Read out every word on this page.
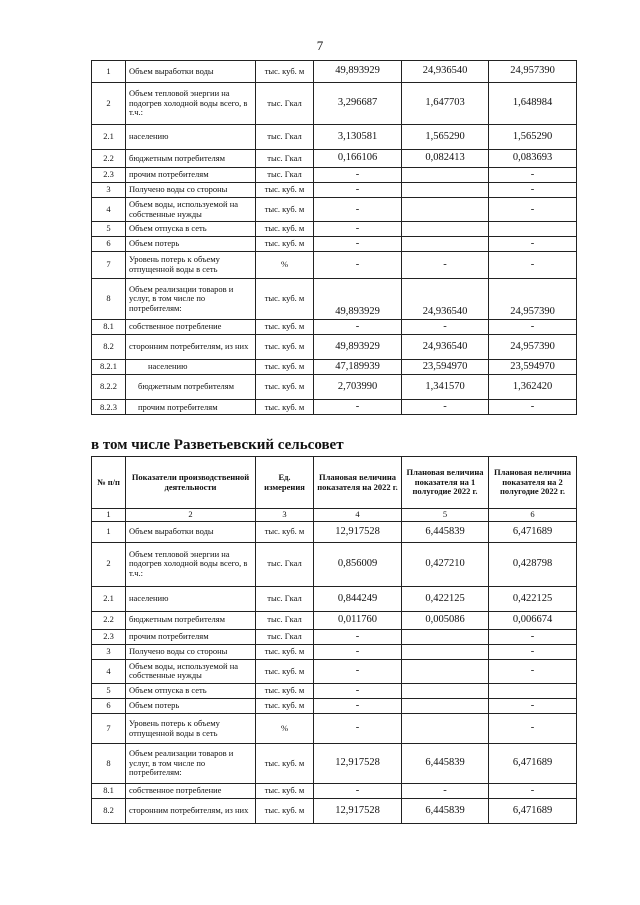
7
1	Объем выработки воды	тыс. куб. м	49,893929	24,936540	24,957390
2	Объем тепловой энергии на подогрев холодной воды всего, в т.ч.:	тыс. Гкал	3,296687	1,647703	1,648984
2.1	населению	тыс. Гкал	3,130581	1,565290	1,565290
2.2	бюджетным потребителям	тыс. Гкал	0,166106	0,082413	0,083693
2.3	прочим потребителям	тыс. Гкал	-		-
3	Получено воды со стороны	тыс. куб. м	-		-
4	Объем воды, используемой на собственные нужды	тыс. куб. м	-		-
5	Объем отпуска в сеть	тыс. куб. м	-		
6	Объем потерь	тыс. куб. м	-		-
7	Уровень потерь к объему отпущенной воды в сеть	%	-	-	-
8	Объем реализации товаров и услуг, в том числе по потребителям:	тыс. куб. м	49,893929	24,936540	24,957390
8.1	собственное потребление	тыс. куб. м	-	-	-
8.2	сторонним потребителям, из них	тыс. куб. м	49,893929	24,936540	24,957390
8.2.1	населению	тыс. куб. м	47,189939	23,594970	23,594970
8.2.2	бюджетным потребителям	тыс. куб. м	2,703990	1,341570	1,362420
8.2.3	прочим потребителям	тыс. куб. м	-	-	-
в том числе Разветьевский сельсовет
№ п/п	Показатели производственной деятельности	Ед. измерения	Плановая величина показателя на 2022 г.	Плановая величина показателя на 1 полугодие 2022 г.	Плановая величина показателя на 2 полугодие 2022 г.
1	2	3	4	5	6
1	Объем выработки воды	тыс. куб. м	12,917528	6,445839	6,471689
2	Объем тепловой энергии на подогрев холодной воды всего, в т.ч.:	тыс. Гкал	0,856009	0,427210	0,428798
2.1	населению	тыс. Гкал	0,844249	0,422125	0,422125
2.2	бюджетным потребителям	тыс. Гкал	0,011760	0,005086	0,006674
2.3	прочим потребителям	тыс. Гкал	-		-
3	Получено воды со стороны	тыс. куб. м	-		-
4	Объем воды, используемой на собственные нужды	тыс. куб. м	-		-
5	Объем отпуска в сеть	тыс. куб. м	-		
6	Объем потерь	тыс. куб. м	-		-
7	Уровень потерь к объему отпущенной воды в сеть	%	-		-
8	Объем реализации товаров и услуг, в том числе по потребителям:	тыс. куб. м	12,917528	6,445839	6,471689
8.1	собственное потребление	тыс. куб. м	-	-	-
8.2	сторонним потребителям, из них	тыс. куб. м	12,917528	6,445839	6,471689
